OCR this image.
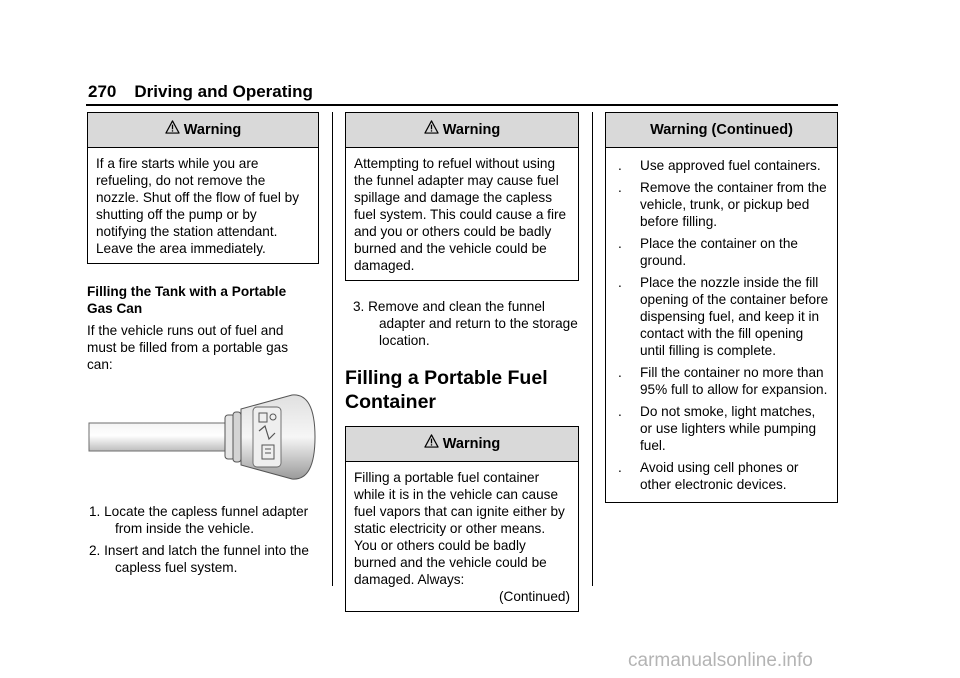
270 Driving and Operating
Warning
If a fire starts while you are refueling, do not remove the nozzle. Shut off the flow of fuel by shutting off the pump or by notifying the station attendant. Leave the area immediately.

Filling the Tank with a Portable

Gas Can

If the vehicle runs out of fuel and must be filled from a portable gas can:

1. Locate the capless funnel adapter from inside the vehicle.

2. Insert and latch the funnel into the capless fuel system.

Warning
Attempting to refuel without using the funnel adapter may cause fuel spillage and damage the capless fuel system. This could cause a fire and you or others could be badly burned and the vehicle could be damaged.

3. Remove and clean the funnel adapter and return to the storage location.

Filling a Portable Fuel
Container
Warning

Filling a portable fuel container while it is in the vehicle can cause fuel vapors that can ignite either by static electricity or other means. You or others could be badly burned and the vehicle could be damaged. Always:

(Continued)

Warning (Continued)
.	Use approved fuel containers.
.	Remove the container from the vehicle, trunk, or pickup bed before filling.
.	Place the container on the ground.
.	Place the nozzle inside the fill opening of the container before dispensing fuel, and keep it in contact with the fill opening until filling is complete.
.	Fill the container no more than 95% full to allow for expansion.
.	Do not smoke, light matches, or use lighters while pumping fuel.
.	Avoid using cell phones or other electronic devices.
carmanualsonline.info
